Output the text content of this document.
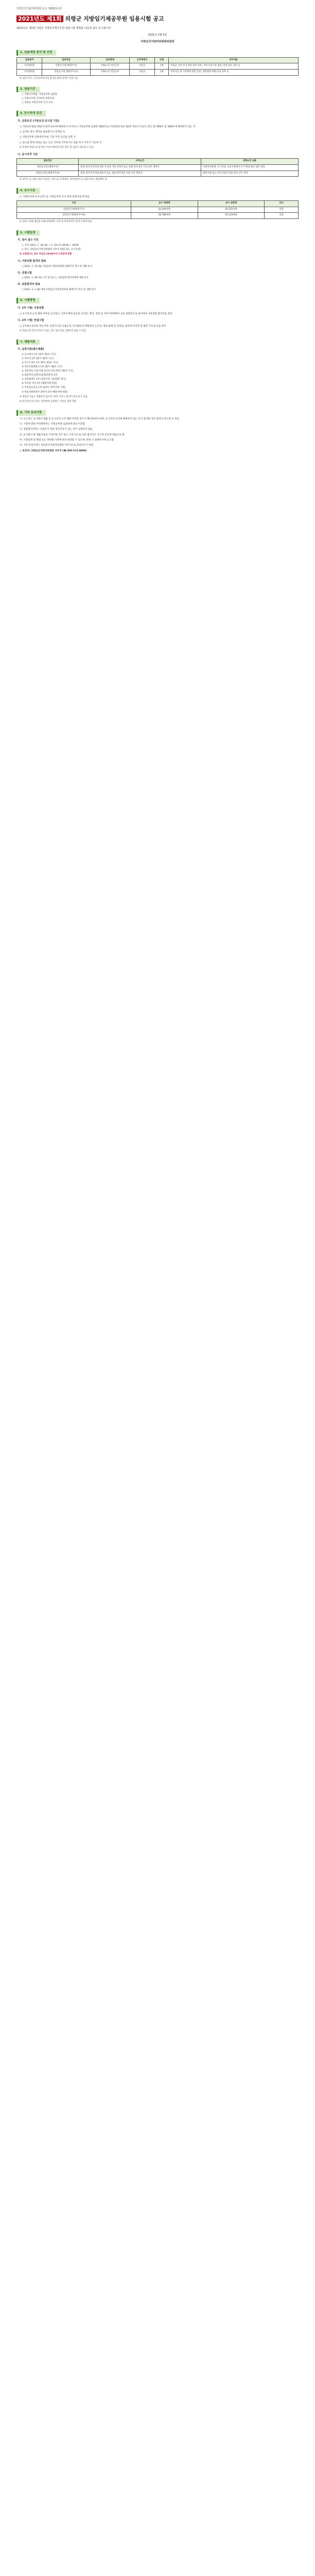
의령군선거관리위원회 공고 제2021-1호
2021년도 제1회 의령군 지방임기제공무원 임용시험 공고
2021년도 제1회 의령군 지방임기제공무원 임용시험 계획을 다음과 같이 공고합니다.
2021년 1월 5일
의령군선거관리위원회위원장
1. 임용예정 분야 및 인원
임용분야	임용직급	임용형태	근무예정지	인원	직무내용
지역협력관	일반임기제 (행정주사)	주40시간 전일근무	의령군	1명	의령군 지역 선거·정당 업무 보좌, 지역 유관기관 협력, 민원·홍보 업무 등
지역협력관	일반임기제 (행정주사보)	주40시간 전일근무	의령군	1명	정치자금 및 기부행위 관련 업무, 위법행위 예방·단속 업무 등
※ 임용기간은 근무실적에 따라 총 5년 범위 내에서 연장 가능
2. 임용기간
○ 지방공무원법, 지방공무원 임용령
○ 지방공무원 인사분야 통합지침
○ 의령군 지방공무원 인사 규칙
3. 응시자격 요건
가. 공통요건 (기본요건·공고일 기준)
○ 지방공무원법 제31조(결격사유)에 해당하지 아니하고, 지방공무원 임용령 제65조(응시연령)에 따른 18세 이상인 자로서, 같은 법 제66조 및 제69조에 해당하지 않는 자
○ 남자의 경우 병역을 필하였거나 면제된 자
○ 지방공무원 임용령에 따른 기타 자격 요건을 갖춘 자
○ 공고일 현재 의령군 또는 인근 지역에 거주하거나 임용 즉시 거주가 가능한 자
※ 부정한 방법으로 합격한 사실이 확인될 경우 합격 및 임용이 취소될 수 있음
나. 응시자격 기준
임용직급	자격요건	경력요건 내용
일반임기제 (행정주사)	관련 분야 학사학위 취득 후 2년 이상 경력자 또는 관련 분야 5년 이상 근무 경력자	지방자치단체, 국가기관, 공공기관에서 선거·행정 관련 업무 경력
일반임기제 (행정주사보)	관련 분야 학사학위 취득자 또는 관련 분야 3년 이상 근무 경력자	행정기관 또는 민간기관의 관련 분야 근무 경력
※ 경력은 응시원서 접수 마감일 기준으로 산정하며, 경력증명서 등 입증서류를 제출해야 함
4. 보수수준
○ '지방공무원 보수규정' 및 '지방공무원 인사 분야 통합지침'에 따름
구분	보수 하한액	보수 상한액	비고
일반임기제(행정주사)	42,444천원	63,555천원	연봉
일반임기제(행정주사보)	36,788천원	55,119천원	연봉
※ 연봉은 최종 협상을 통해 결정하며, 수당 및 복리후생은 관계 규정에 따름
5. 시험일정
가. 원서 접수 기간
○ 기간: 2021. 1. 18.(월) ~ 1. 20.(수) 09:00 ~ 18:00
○ 장소: 의령군선거관리위원회 사무국 (방문 또는 등기우편)
※ 우편접수는 접수 마감일 18:00까지 도착분에 한함
나. 서류전형 합격자 발표
○ 2021. 1. 25.(월) 의령군선거관리위원회 홈페이지 게시 및 개별 통지
다. 면접시험
○ 2021. 1. 28.(목) 시간 및 장소는 서류전형 합격자에게 개별 통지
라. 최종합격자 발표
○ 2021. 2. 1.(월) 예정 의령군선거관리위원회 홈페이지 게시 및 개별 통지
6. 시험방법
가. 1차 시험: 서류전형
○ 응시자격 요건 해당 여부를 심사하고, 직무수행에 필요한 자격증, 학위, 경력 및 직무수행계획서 등을 종합적으로 평가하여 서류전형 합격자를 결정
나. 2차 시험: 면접시험
○ 공무원으로서의 정신자세, 전문지식과 응용능력, 의사발표의 정확성과 논리성, 예의·품행 및 성실성, 창의력·의지력 및 발전 가능성 등을 평가
※ 면접시험 결과 적격자가 없는 경우 합격자를 선발하지 않을 수 있음
7. 제출서류
가. 공통서류(필수제출)
① 응시원서 1부 (별지 제1호 서식)
② 이력서 1부 (별지 제2호 서식)
③ 자기소개서 1부 (별지 제3호 서식)
④ 직무수행계획서 1부 (별지 제4호 서식)
⑤ 개인정보 수집·이용 동의서 1부 (별지 제5호 서식)
⑥ 최종학력 증명서(졸업증명서) 1부
⑦ 경력증명서 1부 (경력기간, 담당업무 명시)
⑧ 자격증 사본 1부 (해당자에 한함)
⑨ 주민등록초본 1부 (남자는 병역사항 기재)
⑩ 취업지원대상자 증명서 1부 (해당자에 한함)
※ 제출된 서류는 반환하지 않으며, 허위 기재 시 합격이 취소될 수 있음
※ 외국어로 된 서류는 번역하여 공증받은 서류를 함께 제출
8. 기타 유의사항
가. 응시자는 응시원서 제출 전 응시자격 요건 해당 여부를 반드시 확인하여야 하며, 응시자격 요건에 해당하지 않는 자가 합격한 경우 합격이 취소될 수 있음
나. 시험에 관한 부정행위자는 지방공무원 임용령에 따라 처리함
다. 최종합격자라도 신원조사 결과 결격사유가 있는 경우 임용하지 않음
라. 응시원서 및 제출서류의 기재사항 착오 또는 누락 등으로 인한 불이익은 응시자 본인의 책임으로 함
마. 시험일정 및 방법 등은 위원회 사정에 따라 변경될 수 있으며, 변경 시 홈페이지에 공고함
바. 기타 문의사항은 의령군선거관리위원회 사무국으로 문의하시기 바람
○ 문의처: 의령군선거관리위원회 사무국 (☎ 055-573-0000)
